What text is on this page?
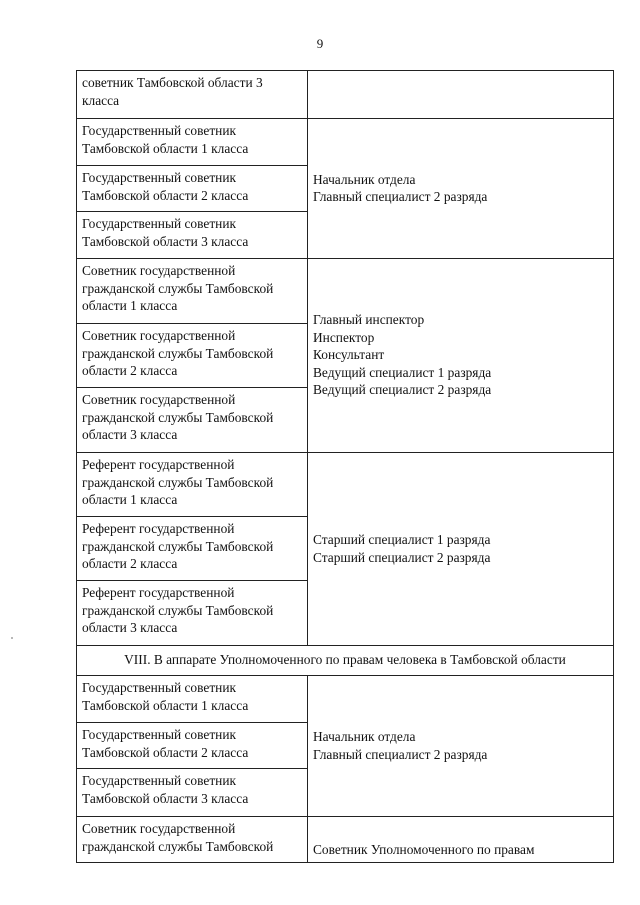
9
советник Тамбовской области 3
класса	

Государственный советник
Тамбовской области 1 класса	Начальник отдела
Главный специалист 2 разряда

Государственный советник
Тамбовской области 2 класса	

Государственный советник
Тамбовской области 3 класса	

Советник государственной
гражданской службы Тамбовской
области 1 класса	Главный инспектор
Инспектор
Консультант
Ведущий специалист 1 разряда
Ведущий специалист 2 разряда

Советник государственной
гражданской службы Тамбовской
области 2 класса	

Советник государственной
гражданской службы Тамбовской
области 3 класса	

Референт государственной
гражданской службы Тамбовской
области 1 класса	Старший специалист 1 разряда
Старший специалист 2 разряда

Референт государственной
гражданской службы Тамбовской
области 2 класса	

Референт государственной
гражданской службы Тамбовской
области 3 класса	

VIII. В аппарате Уполномоченного по правам человека в Тамбовской области	

Государственный советник
Тамбовской области 1 класса	Начальник отдела
Главный специалист 2 разряда

Государственный советник
Тамбовской области 2 класса	

Государственный советник
Тамбовской области 3 класса	

Советник государственной
гражданской службы Тамбовской	Советник Уполномоченного по правам
